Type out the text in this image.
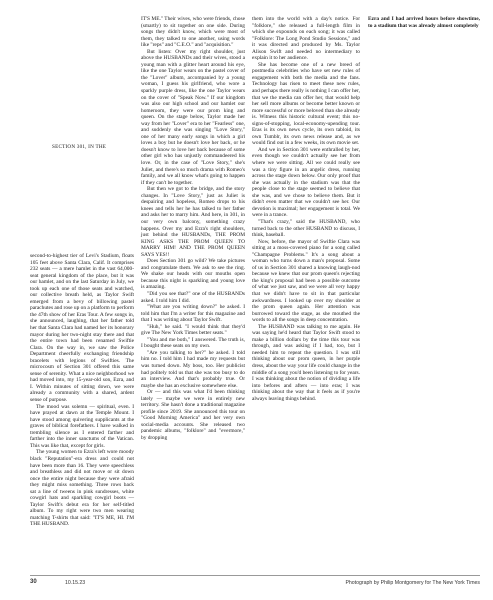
SECTION 301, IN THE

second-to-highest tier of Levi's Stadium, floats 105 feet above Santa Clara, Calif. It comprises 232 seats — a mere hamlet in the vast 64,000-seat general kingdom of the place, but it was our hamlet, and on the last Saturday in July, we took up each one of those seats and watched, our collective breath held, as Taylor Swift emerged from a bevy of billowing pastel parachutes and rose up on a platform to perform the 47th show of her Eras Tour. A few songs in, she announced, laughing, that her father told her that Santa Clara had named her its honorary mayor during her two-night stay there and that the entire town had been renamed Swiftie Clara. On the way in, we saw the Police Department cheerfully exchanging friendship bracelets with legions of Swifties. The microcosm of Section 301 offered this same sense of serenity. What a nice neighborhood we had moved into, my 15-year-old son, Ezra, and I. Within minutes of sitting down, we were already a community with a shared, ardent sense of purpose.

The mood was solemn — spiritual, even. I have prayed at dawn at the Temple Mount. I have stood among quivering supplicants at the graves of biblical forefathers. I have walked in trembling silence as I entered farther and farther into the inner sanctums of the Vatican. This was like that, except for girls.

The young women to Ezra's left wore moody black "Reputation"-era dress and could not have been more than 16. They were speechless and breathless and did not move or sit down once the entire night because they were afraid they might miss something. Three rows back sat a line of tweens in pink sundresses, white cowgirl hats and sparkling cowgirl boots — Taylor Swift's debut era for her self-titled album. To my right were two men wearing matching T-shirts that said: "IT'S ME, HI. I'M THE HUSBAND.

IT'S ME." Their wives, who were friends, chose (smartly) to sit together on one side. During songs they didn't know, which were most of them, they talked to one another, using words like "reps" and "C.E.O." and "acquisition."

But listen: Over my right shoulder, just above the HUSBANDs and their wives, stood a young man with a glitter heart around his eye, like the one Taylor wears on the pastel cover of the "Lover" album, accompanied by a young woman, I guess his girlfriend, who wore a sparkly purple dress, like the one Taylor wears on the cover of "Speak Now." If our kingdom was also our high school and our hamlet our homeroom, they were our prom king and queen. On the stage below, Taylor made her way from her "Lover" era to her "Fearless" one, and suddenly she was singing "Love Story," one of her many early songs in which a girl loves a boy but he doesn't love her back, or he doesn't know to love her back because of some other girl who has unjustly commandeered his love. Or, in the case of "Love Story," she's Juliet, and there's so much drama with Romeo's family, and we all know what's going to happen if they can't be together.

But then we got to the bridge, and the story changes. In "Love Story," just as Juliet is despairing and hopeless, Romeo drops to his knees and tells her he has talked to her father and asks her to marry him. And here, in 301, in our very own balcony, something crazy happens. Over my and Ezra's right shoulders, just behind the HUSBANDs, THE PROM KING ASKS THE PROM QUEEN TO MARRY HIM! AND THE PROM QUEEN SAYS YES!!

Does Section 301 go wild? We take pictures and congratulate them. We ask to see the ring. We shake our heads with our mouths open because this night is sparkling and young love is amazing.

"Did you see that?" one of the HUSBANDs asked. I told him I did.

"What are you writing down?" he asked. I told him that I'm a writer for this magazine and that I was writing about Taylor Swift.

"Huh," he said. "I would think that they'd give The New York Times better seats."

"You and me both," I answered. The truth is, I bought these seats on my own.

"Are you talking to her?" he asked. I told him no. I told him I had made my requests but was turned down. My boss, too. Her publicist had politely told us that she was too busy to do an interview. And that's probably true. Or maybe she has an exclusive somewhere else.

Or — and this was what I'd been thinking lately — maybe we were in entirely new territory. She hasn't done a traditional magazine profile since 2019. She announced this tour on "Good Morning America" and her very own social-media accounts. She released two pandemic albums, "folklore" and "evermore," by dropping

them into the world with a day's notice. For "folklore," she released a full-length film in which she expounds on each song; it was called "Folklore: The Long Pond Studio Sessions," and it was directed and produced by Ms. Taylor Alison Swift and needed no intermediary to explain it to her audience.

She has become one of a new breed of postmedia celebrities who have set new rules of engagement with both the media and the fans. Technology has risen to meet these new rules, and perhaps there really is nothing I can offer her, that we the media can offer her, that would help her sell more albums or become better known or more successful or more beloved than she already is. Witness this historic cultural event; this no-signs-of-stopping, local-economy-upending tour. Eras is its own news cycle, its own tabloid, its own Tumblr, its own news release and, as we would find out in a few weeks, its own movie set.

And we in Section 301 were enthralled by her, even though we couldn't actually see her from where we were sitting. All we could really see was a tiny figure in an angelic dress, running across the stage down below. Our only proof that she was actually in the stadium was that the people close to the stage seemed to believe that she was, and we chose to believe them. But it didn't even matter that we couldn't see her. Our devotion is maximal; her engagement is total. We were in a trance.

"That's crazy," said the HUSBAND, who turned back to the other HUSBAND to discuss, I think, baseball.

Now, before, the mayor of Swiftie Clara was sitting at a moss-covered piano for a song called "Champagne Problems." It's a song about a woman who turns down a man's proposal. Some of us in Section 301 shared a knowing laugh-nod because we knew that our prom queen's rejecting the king's proposal had been a possible outcome of what we just saw, and we were all very happy that we didn't have to sit in that particular awkwardness. I looked up over my shoulder at the prom queen again. Her attention was burrowed toward the stage, as she mouthed the words to all the songs in deep concentration.

The HUSBAND was talking to me again. He was saying he'd heard that Taylor Swift stood to make a billion dollars by the time this tour was through, and was asking if I had, too, but I needed him to repeat the question. I was still thinking about our prom queen, in her purple dress, about the way your life could change in the middle of a song you'd been listening to for years. I was thinking about the notion of dividing a life into befores and afters — into eras; I was thinking about the way that it feels as if you're always leaving things behind.

Ezra and I had arrived hours before showtime, to a stadium that was already almost completely

30	10.15.23	Photograph by Philip Montgomery for The New York Times
